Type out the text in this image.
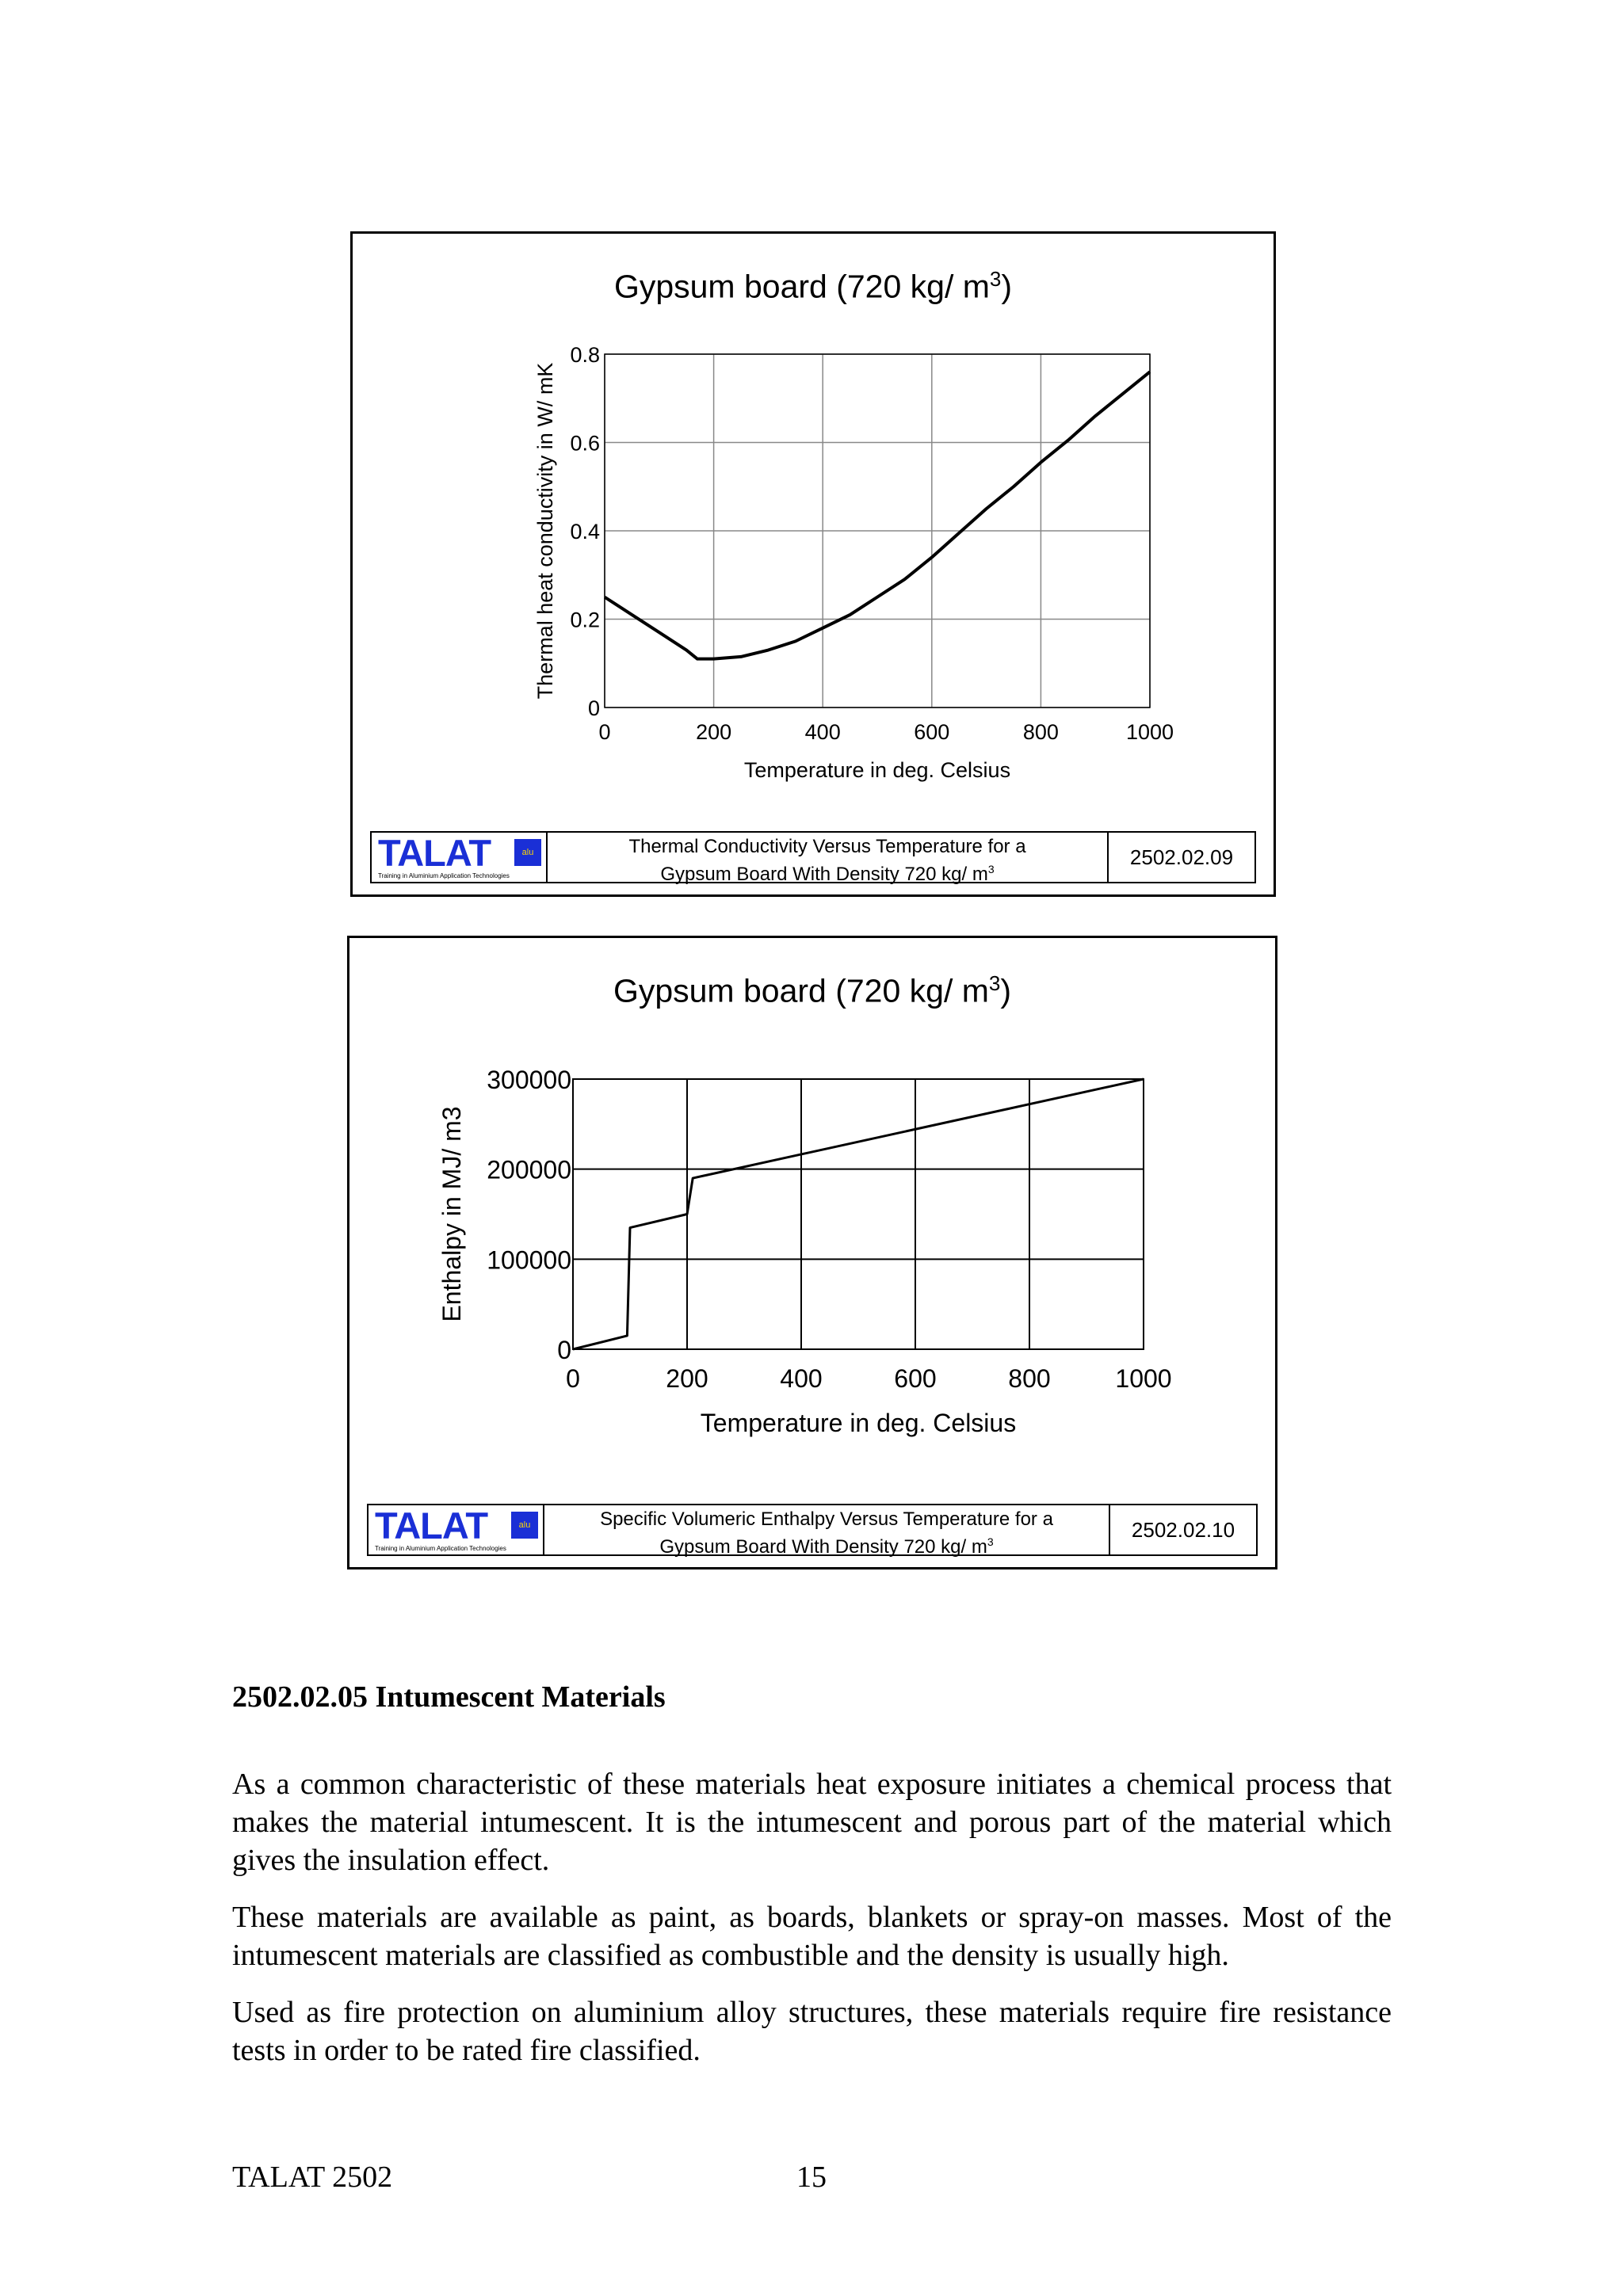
Gypsum board (720 kg/ $m^3$)
0	200	400	600	800	1000
0
0.2
0.4
0.6
0.8
Temperature in deg. Celsius
Thermal heat conductivity in W/ mK
TALAT	alu
Training in Aluminium Application Technologies
Thermal Conductivity Versus Temperature for a
Gypsum Board With Density 720 kg/ $m^3$
2502.02.09
Gypsum board (720 kg/ $m^3$)
0	200	400	600	800	1000
0
100000
200000
300000
Temperature in deg. Celsius
Enthalpy in MJ/ m3
TALAT	alu
Training in Aluminium Application Technologies
Specific Volumeric Enthalpy Versus Temperature for a
Gypsum Board With Density 720 kg/ $m^3$
2502.02.10
2502.02.05 Intumescent Materials

As a common characteristic of these materials heat exposure initiates a chemical process that makes the material intumescent. It is the intumescent and porous part of the material which gives the insulation effect.

These materials are available as paint, as boards, blankets or spray-on masses. Most of the intumescent materials are classified as combustible and the density is usually high.

Used as fire protection on aluminium alloy structures, these materials require fire resistance tests in order to be rated fire classified.

TALAT 2502	15
